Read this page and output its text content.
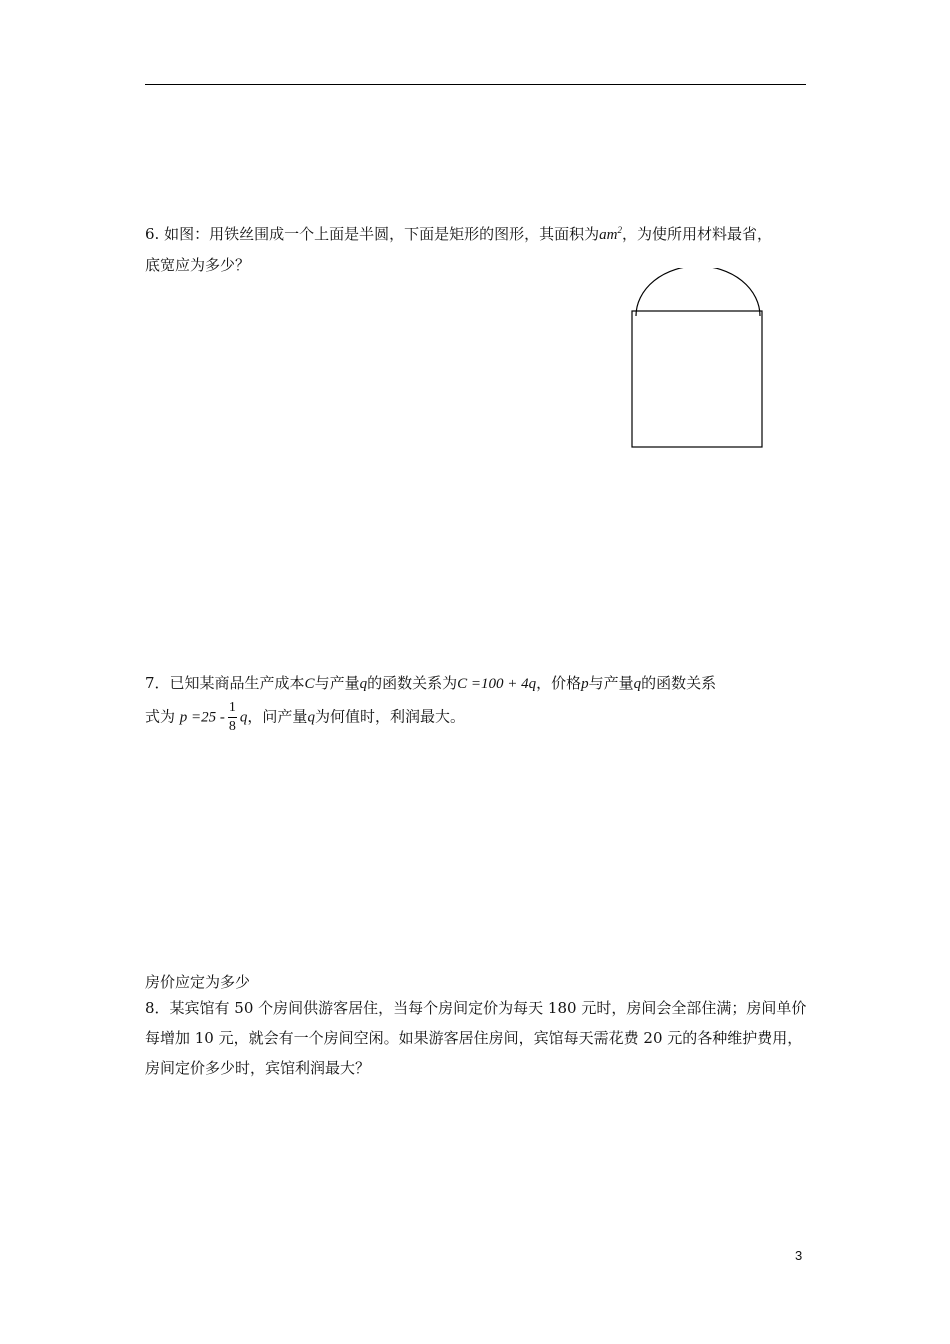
6. 如图：用铁丝围成一个上面是半圆，下面是矩形的图形，其面积为$am^2$，为使所用材料最省，
底宽应为多少？
7．已知某商品生产成本C与产量q的函数关系为C =100 + 4q，价格p与产量q的函数关系
式为 $p =25 - \frac{1}{8}$ q，问产量q为何值时，利润最大。
房价应定为多少
8．某宾馆有 50 个房间供游客居住，当每个房间定价为每天 180 元时，房间会全部住满；房间单价每增加 10 元，就会有一个房间空闲。如果游客居住房间，宾馆每天需花费 20 元的各种维护费用，房间定价多少时，宾馆利润最大？
3
